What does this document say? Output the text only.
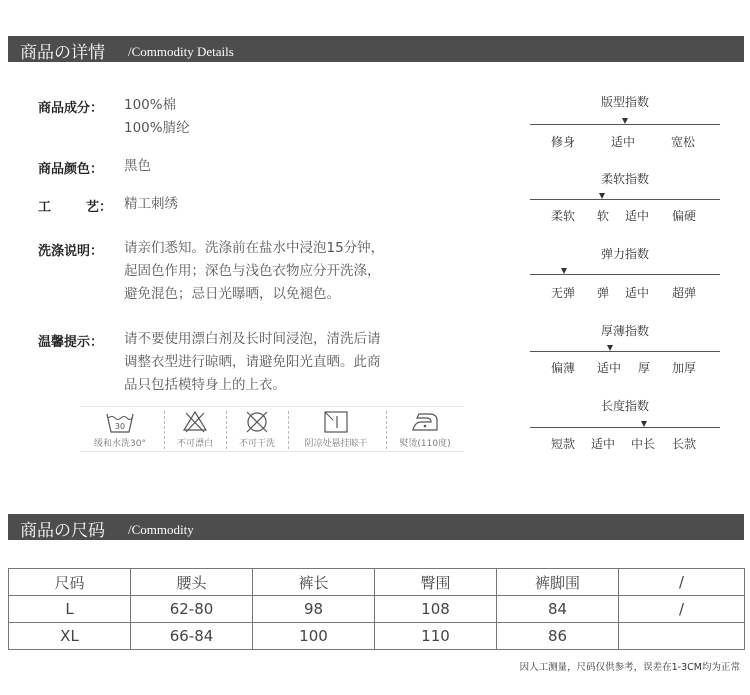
商品の详情 /Commodity Details
商品成分： 100%棉
100%腈纶
商品颜色： 黑色
工	艺： 精工刺绣
洗涤说明： 请亲们悉知。洗涤前在盐水中浸泡15分钟，
起固色作用；深色与浅色衣物应分开洗涤，
避免混色；忌日光曝晒，以免褪色。
温馨提示： 请不要使用漂白剂及长时间浸泡，清洗后请
调整衣型进行晾晒，请避免阳光直晒。此商
品只包括模特身上的上衣。
30
缓和水洗30°	不可漂白	不可干洗	阴凉处悬挂晾干	熨烫(110度)
版型指数
修身	适中	宽松
柔软指数
柔软 软 适中 偏硬
弹力指数
无弹 弹 适中 超弹
厚薄指数
偏薄 适中 厚 加厚
长度指数
短款 适中 中长 长款
商品の尺码 /Commodity
尺码	腰头	裤长	臀围	裤脚围	/
L	62-80	98	108	84	/
XL	66-84	100	110	86	
因人工测量，尺码仅供参考，误差在1-3CM均为正常
